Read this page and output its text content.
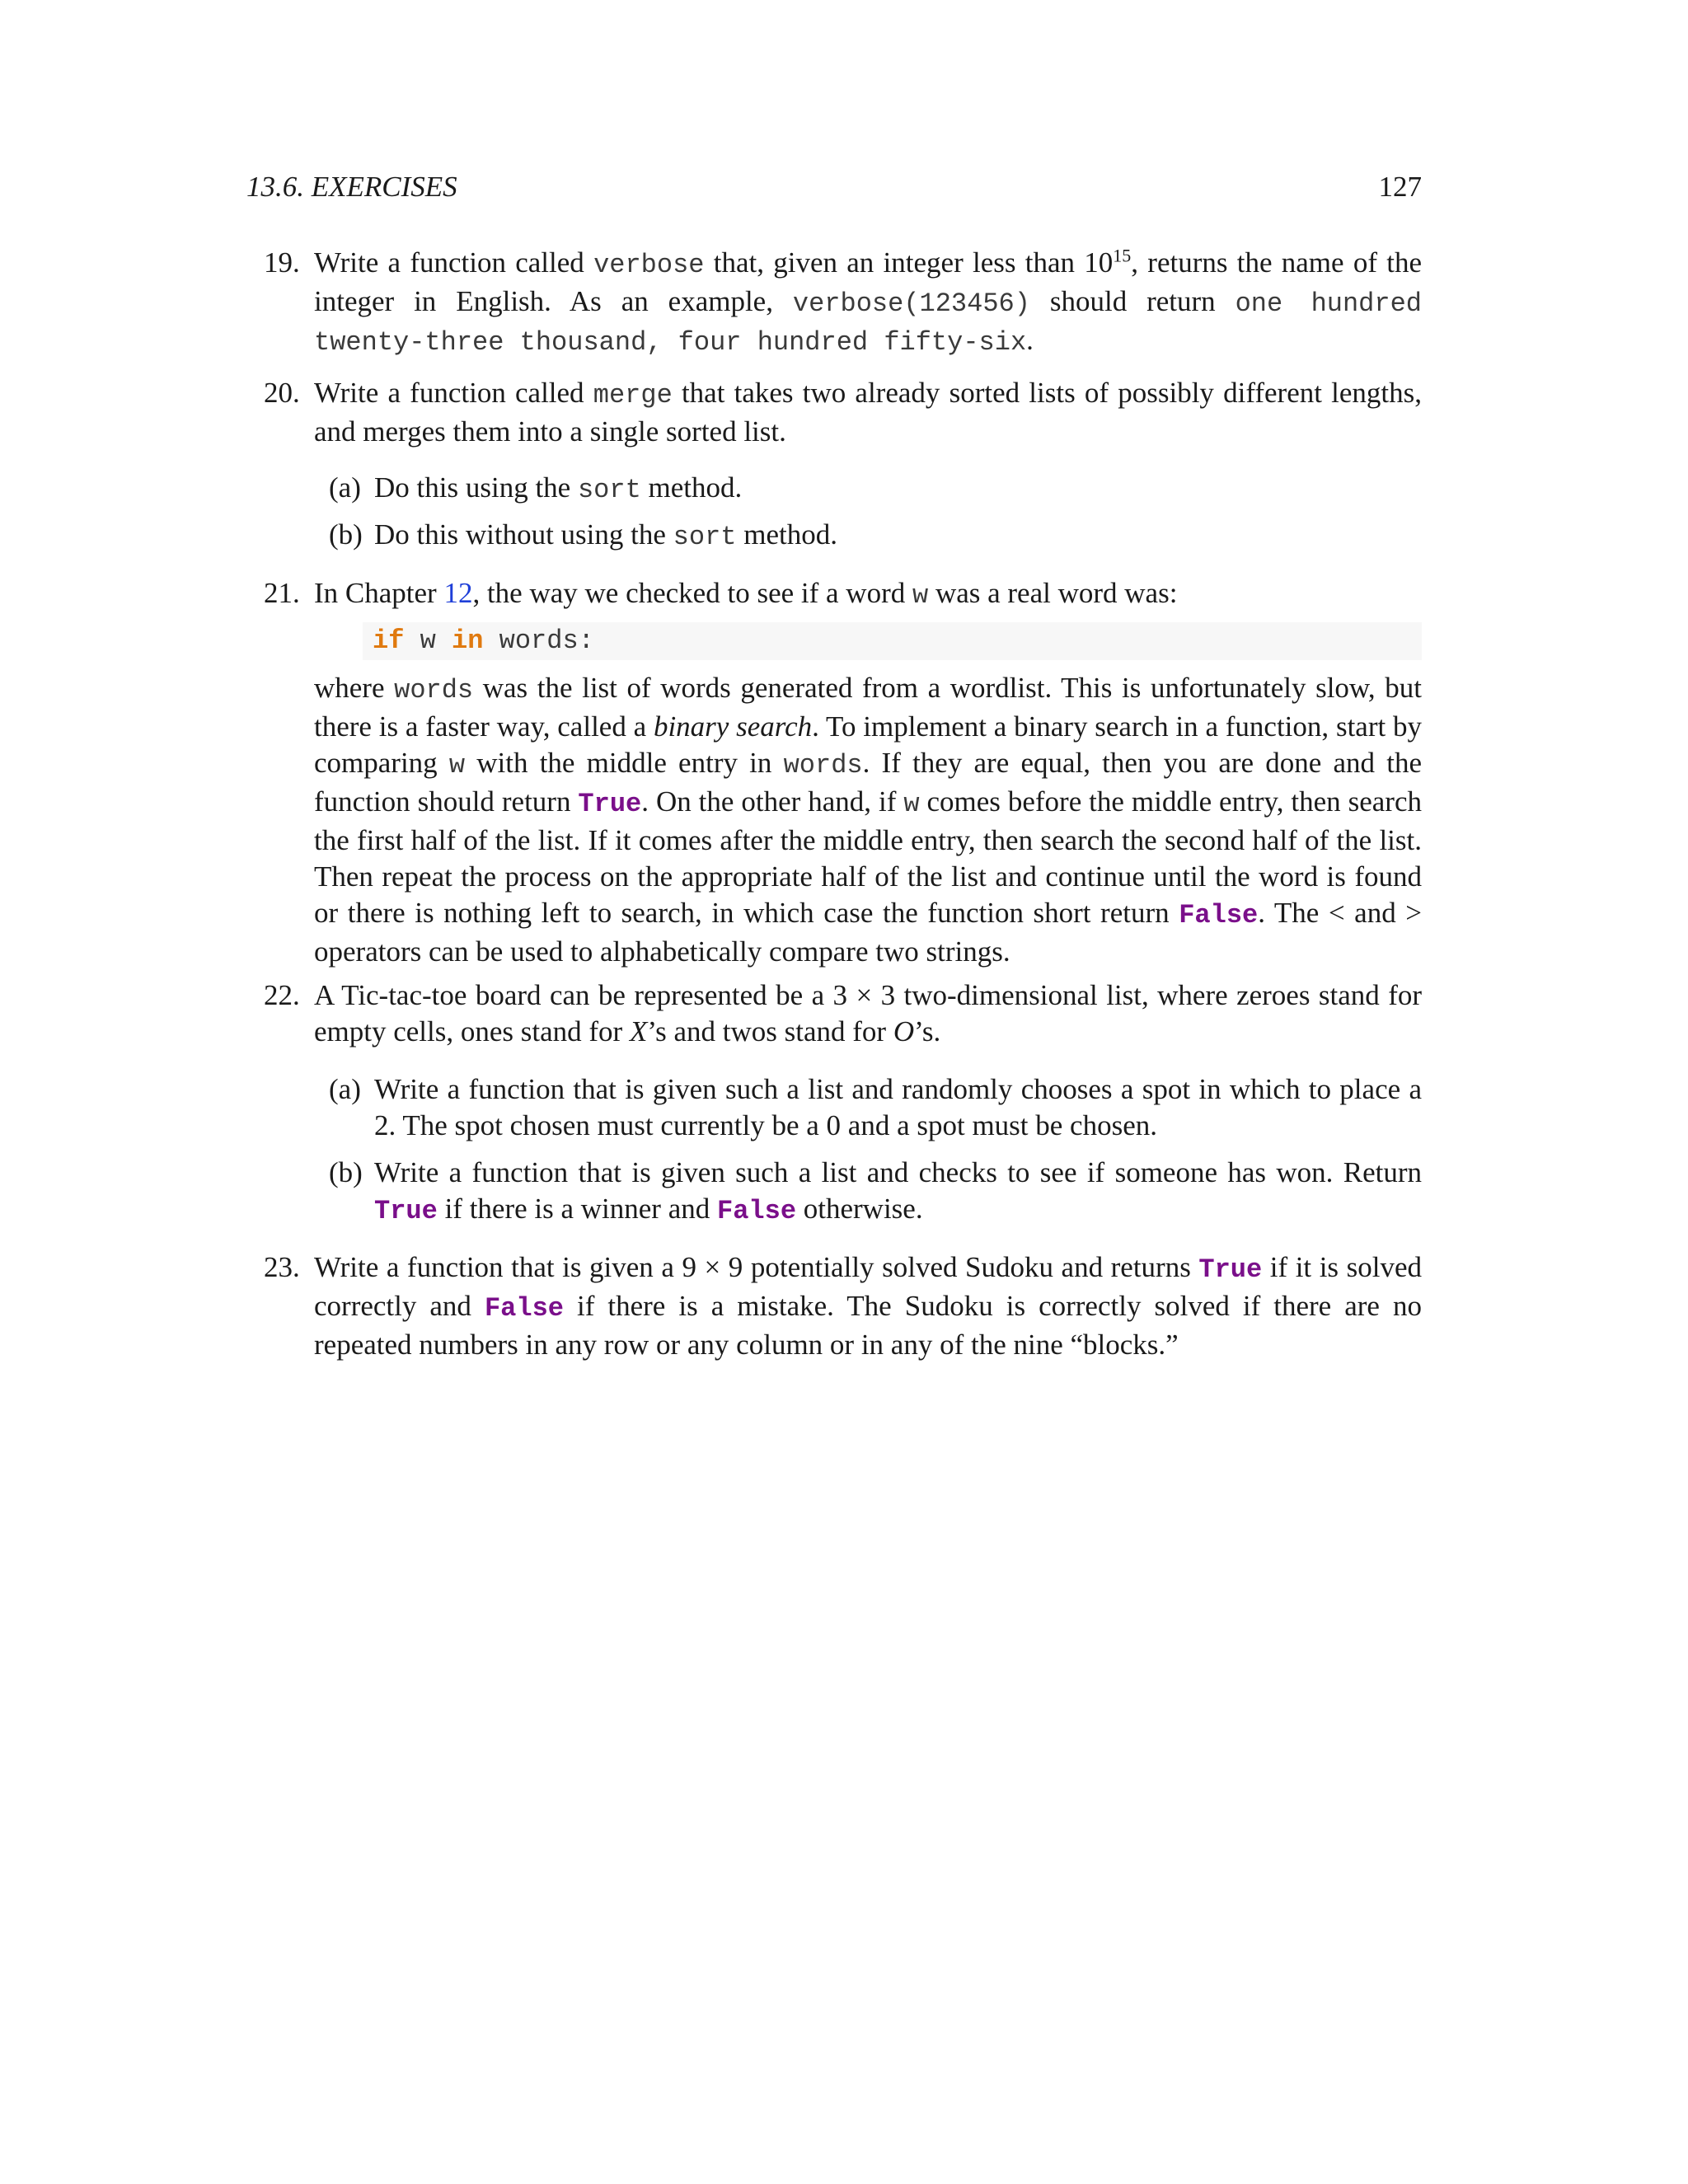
13.6. EXERCISES	127
19. Write a function called verbose that, given an integer less than $10^{15}$, returns the name of the integer in English. As an example, verbose(123456) should return one hundred twenty-three thousand, four hundred fifty-six.

20. Write a function called merge that takes two already sorted lists of possibly different lengths, and merges them into a single sorted list.

(a) Do this using the sort method.
(b) Do this without using the sort method.
21. In Chapter 12, the way we checked to see if a word w was a real word was:

if w in words:

where words was the list of words generated from a wordlist. This is unfortunately slow, but there is a faster way, called a binary search. To implement a binary search in a function, start by comparing w with the middle entry in words. If they are equal, then you are done and the function should return True. On the other hand, if w comes before the middle entry, then search the first half of the list. If it comes after the middle entry, then search the second half of the list. Then repeat the process on the appropriate half of the list and continue until the word is found or there is nothing left to search, in which case the function short return False. The < and > operators can be used to alphabetically compare two strings.

22. A Tic-tac-toe board can be represented be a 3 × 3 two-dimensional list, where zeroes stand for empty cells, ones stand for X’s and twos stand for O’s.

(a) Write a function that is given such a list and randomly chooses a spot in which to place a 2. The spot chosen must currently be a 0 and a spot must be chosen.
(b) Write a function that is given such a list and checks to see if someone has won. Return True if there is a winner and False otherwise.
23. Write a function that is given a 9 × 9 potentially solved Sudoku and returns True if it is solved correctly and False if there is a mistake. The Sudoku is correctly solved if there are no repeated numbers in any row or any column or in any of the nine “blocks.”
